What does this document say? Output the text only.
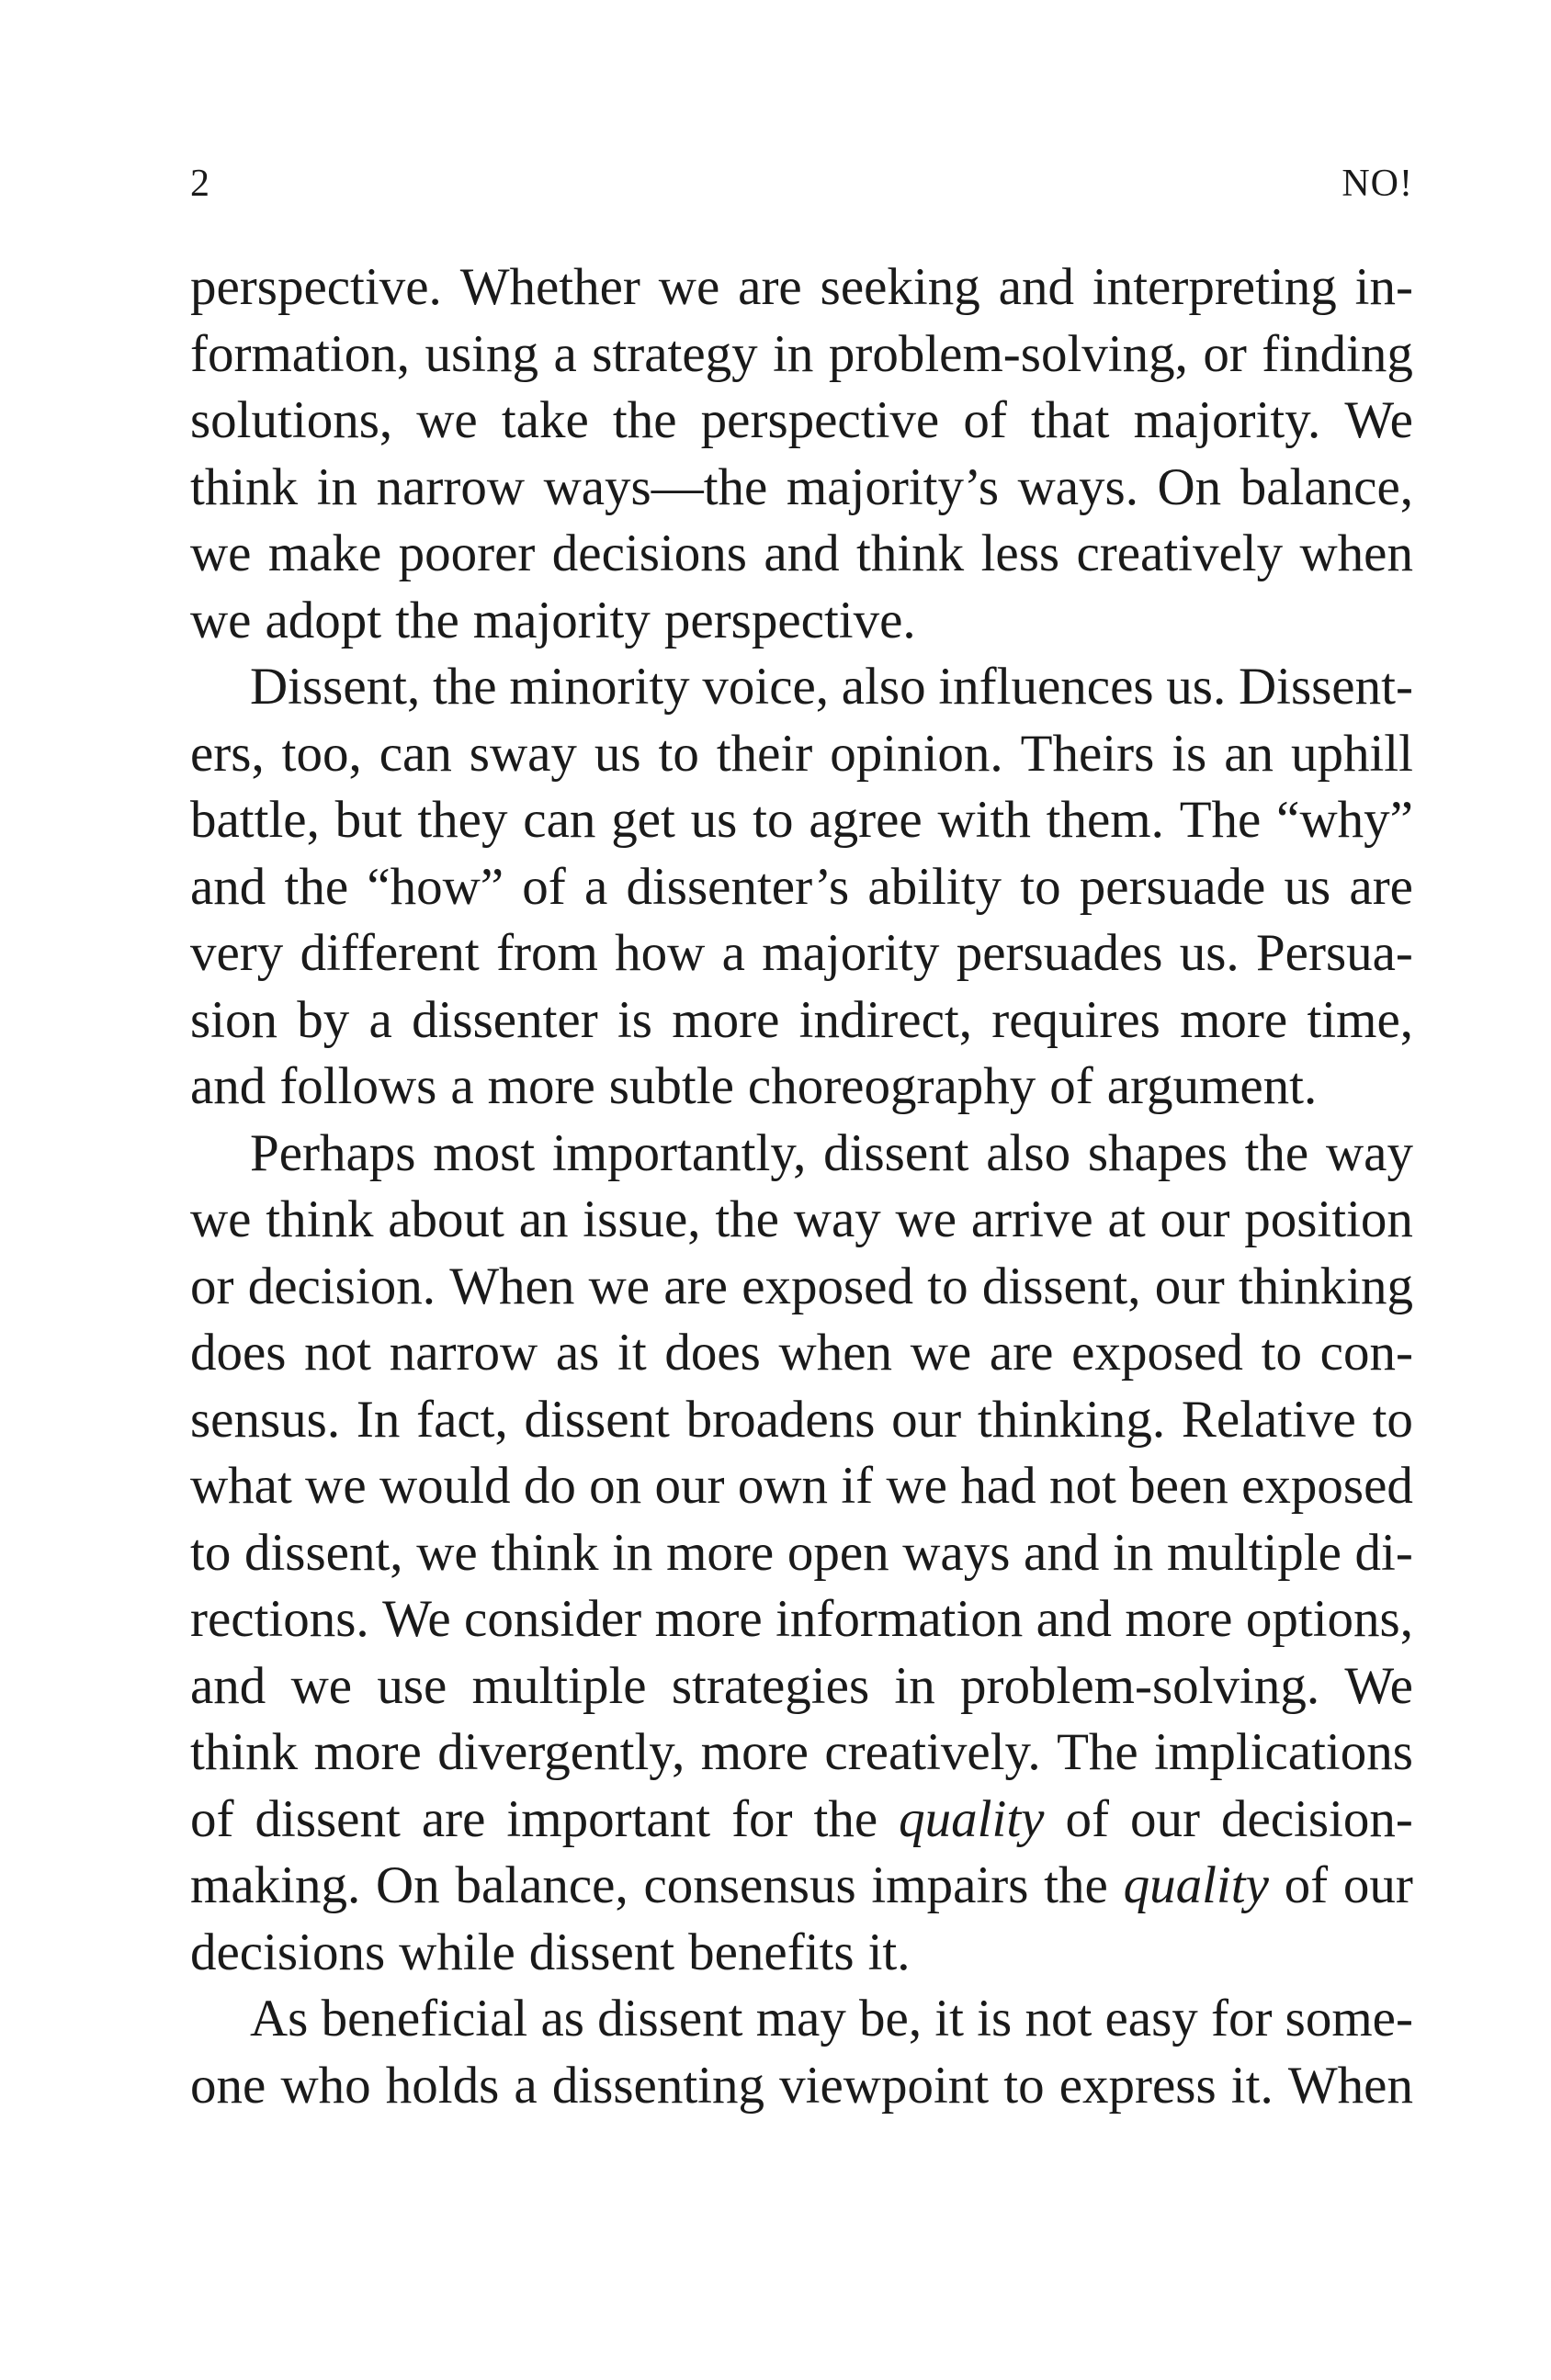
2	NO!
perspective. Whether we are seeking and interpreting in-
formation, using a strategy in problem-solving, or finding
solutions, we take the perspective of that majority. We
think in narrow ways—the majority’s ways. On balance,
we make poorer decisions and think less creatively when
we adopt the majority perspective.
Dissent, the minority voice, also influences us. Dissent-
ers, too, can sway us to their opinion. Theirs is an uphill
battle, but they can get us to agree with them. The “why”
and the “how” of a dissenter’s ability to persuade us are
very different from how a majority persuades us. Persua-
sion by a dissenter is more indirect, requires more time,
and follows a more subtle choreography of argument.
Perhaps most importantly, dissent also shapes the way
we think about an issue, the way we arrive at our position
or decision. When we are exposed to dissent, our thinking
does not narrow as it does when we are exposed to con-
sensus. In fact, dissent broadens our thinking. Relative to
what we would do on our own if we had not been exposed
to dissent, we think in more open ways and in multiple di-
rections. We consider more information and more options,
and we use multiple strategies in problem-solving. We
think more divergently, more creatively. The implications
of dissent are important for the quality of our decision-
making. On balance, consensus impairs the quality of our
decisions while dissent benefits it.
As beneficial as dissent may be, it is not easy for some-
one who holds a dissenting viewpoint to express it. When
